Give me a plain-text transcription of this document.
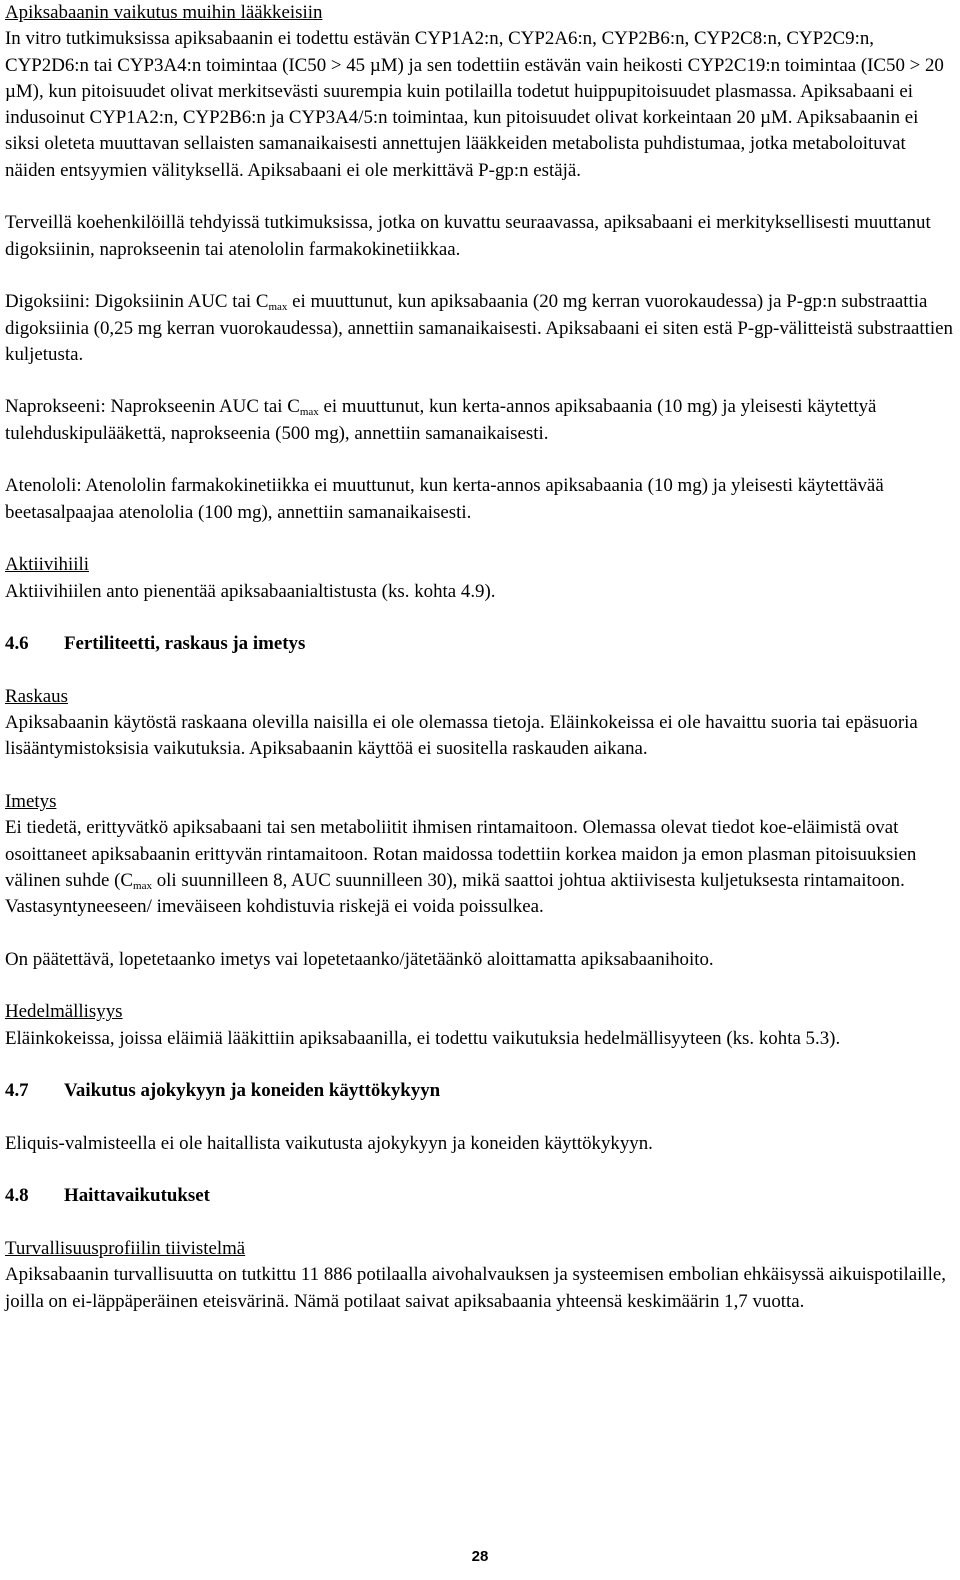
Apiksabaanin vaikutus muihin lääkkeisiin

In vitro tutkimuksissa apiksabaanin ei todettu estävän CYP1A2:n, CYP2A6:n, CYP2B6:n, CYP2C8:n, CYP2C9:n, CYP2D6:n tai CYP3A4:n toimintaa (IC50 > 45 µM) ja sen todettiin estävän vain heikosti CYP2C19:n toimintaa (IC50 > 20 µM), kun pitoisuudet olivat merkitsevästi suurempia kuin potilailla todetut huippupitoisuudet plasmassa. Apiksabaani ei indusoinut CYP1A2:n, CYP2B6:n ja CYP3A4/5:n toimintaa, kun pitoisuudet olivat korkeintaan 20 µM. Apiksabaanin ei siksi oleteta muuttavan sellaisten samanaikaisesti annettujen lääkkeiden metabolista puhdistumaa, jotka metaboloituvat näiden entsyymien välityksellä. Apiksabaani ei ole merkittävä P-gp:n estäjä.

Terveillä koehenkilöillä tehdyissä tutkimuksissa, jotka on kuvattu seuraavassa, apiksabaani ei merkityksellisesti muuttanut digoksiinin, naprokseenin tai atenololin farmakokinetiikkaa.

Digoksiini: Digoksiinin AUC tai $C_{max}$ ei muuttunut, kun apiksabaania (20 mg kerran vuorokaudessa) ja P-gp:n substraattia digoksiinia (0,25 mg kerran vuorokaudessa), annettiin samanaikaisesti. Apiksabaani ei siten estä P-gp-välitteistä substraattien kuljetusta.

Naprokseeni: Naprokseenin AUC tai $C_{max}$ ei muuttunut, kun kerta-annos apiksabaania (10 mg) ja yleisesti käytettyä tulehduskipulääkettä, naprokseenia (500 mg), annettiin samanaikaisesti.

Atenololi: Atenololin farmakokinetiikka ei muuttunut, kun kerta-annos apiksabaania (10 mg) ja yleisesti käytettävää beetasalpaajaa atenololia (100 mg), annettiin samanaikaisesti.

Aktiivihiili

Aktiivihiilen anto pienentää apiksabaanialtistusta (ks. kohta 4.9).

4.6	Fertiliteetti, raskaus ja imetys

Raskaus

Apiksabaanin käytöstä raskaana olevilla naisilla ei ole olemassa tietoja. Eläinkokeissa ei ole havaittu suoria tai epäsuoria lisääntymistoksisia vaikutuksia. Apiksabaanin käyttöä ei suositella raskauden aikana.

Imetys

Ei tiedetä, erittyvätkö apiksabaani tai sen metaboliitit ihmisen rintamaitoon. Olemassa olevat tiedot koe-eläimistä ovat osoittaneet apiksabaanin erittyvän rintamaitoon. Rotan maidossa todettiin korkea maidon ja emon plasman pitoisuuksien välinen suhde ($C_{max}$ oli suunnilleen 8, AUC suunnilleen 30), mikä saattoi johtua aktiivisesta kuljetuksesta rintamaitoon. Vastasyntyneeseen/ imeväiseen kohdistuvia riskejä ei voida poissulkea.

On päätettävä, lopetetaanko imetys vai lopetetaanko/jätetäänkö aloittamatta apiksabaanihoito.

Hedelmällisyys

Eläinkokeissa, joissa eläimiä lääkittiin apiksabaanilla, ei todettu vaikutuksia hedelmällisyyteen (ks. kohta 5.3).

4.7	Vaikutus ajokykyyn ja koneiden käyttökykyyn

Eliquis-valmisteella ei ole haitallista vaikutusta ajokykyyn ja koneiden käyttökykyyn.

4.8	Haittavaikutukset

Turvallisuusprofiilin tiivistelmä

Apiksabaanin turvallisuutta on tutkittu 11 886 potilaalla aivohalvauksen ja systeemisen embolian ehkäisyssä aikuispotilaille, joilla on ei-läppäperäinen eteisvärinä. Nämä potilaat saivat apiksabaania yhteensä keskimäärin 1,7 vuotta.

28
